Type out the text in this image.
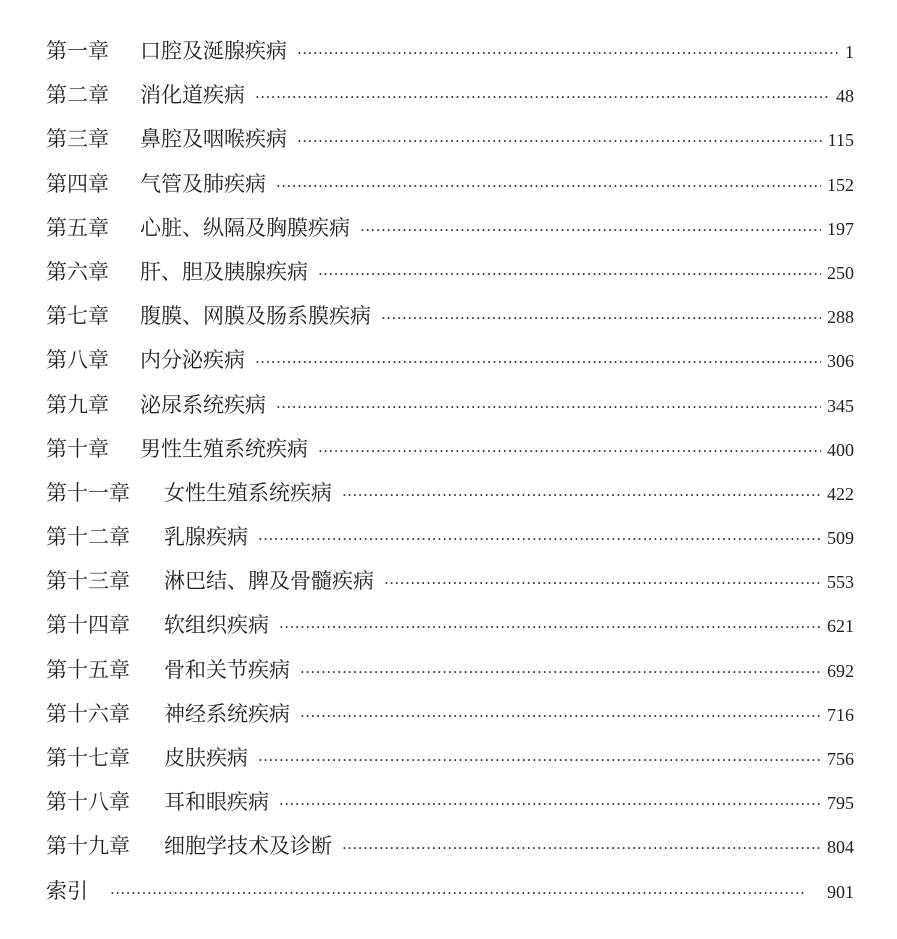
第一章	口腔及涎腺疾病 ·····	1
第二章	消化道疾病 ·····	48
第三章	鼻腔及咽喉疾病 ·····	115
第四章	气管及肺疾病 ·····	152
第五章	心脏、纵隔及胸膜疾病 ·····	197
第六章	肝、胆及胰腺疾病 ·····	250
第七章	腹膜、网膜及肠系膜疾病 ·····	288
第八章	内分泌疾病 ·····	306
第九章	泌尿系统疾病 ·····	345
第十章	男性生殖系统疾病 ·····	400
第十一章	女性生殖系统疾病 ·····	422
第十二章	乳腺疾病 ·····	509
第十三章	淋巴结、脾及骨髓疾病 ·····	553
第十四章	软组织疾病 ·····	621
第十五章	骨和关节疾病 ·····	692
第十六章	神经系统疾病 ·····	716
第十七章	皮肤疾病 ·····	756
第十八章	耳和眼疾病 ·····	795
第十九章	细胞学技术及诊断 ·····	804
索引 ·····	901
